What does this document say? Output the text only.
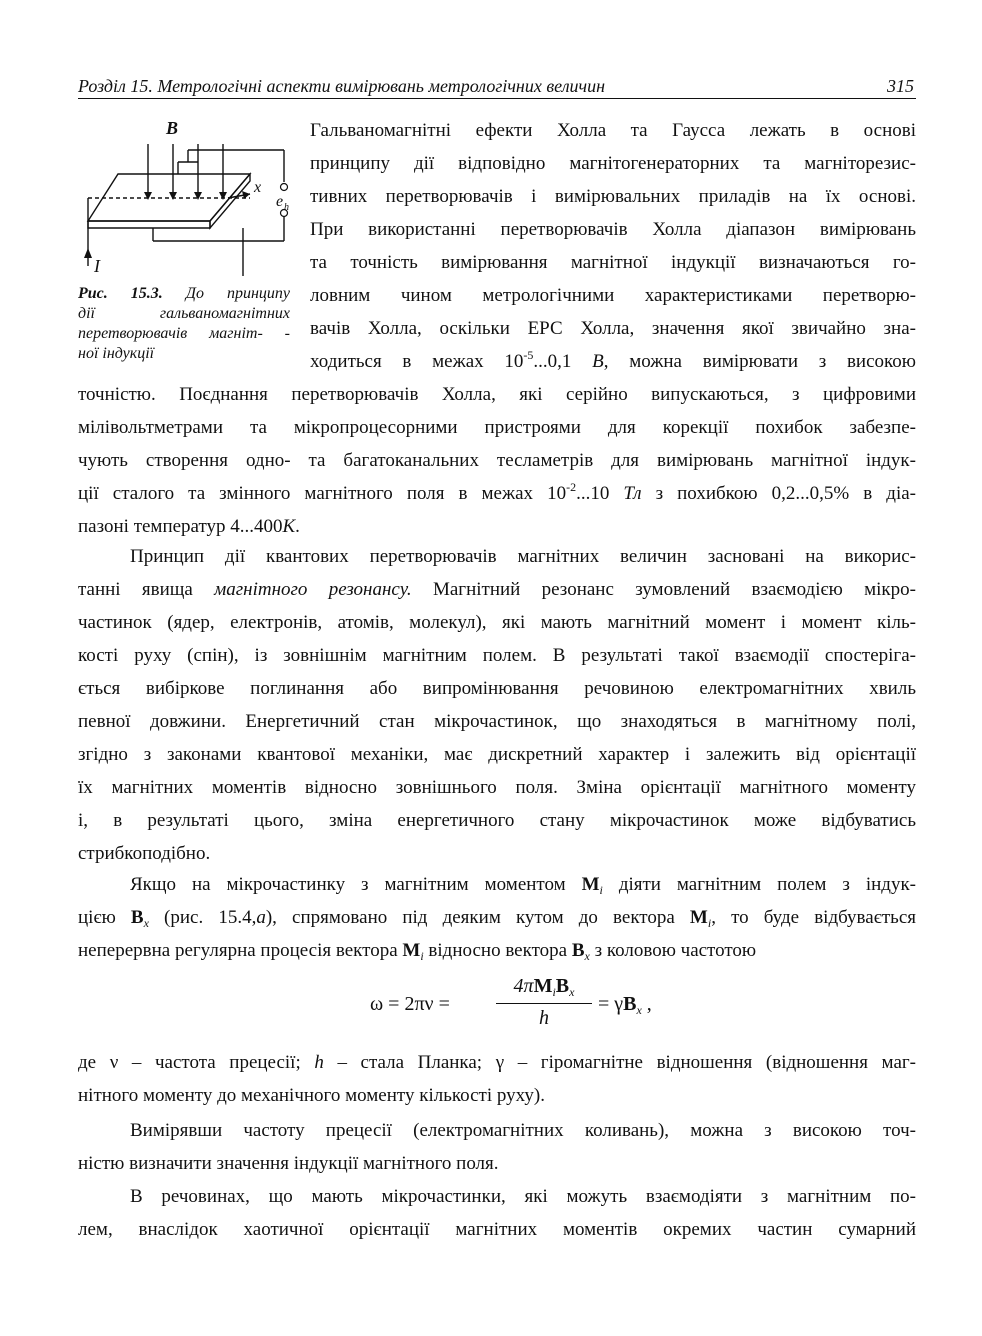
Розділ 15. Метрологічні аспекти вимірювань метрологічних величин	315
B
x
e h
I
Рис. 15.3. До принципу
дії гальваномагнітних
перетворювачів магніт- -
ної індукції
Гальваномагнітні ефекти Холла та Гаусса лежать в основі
принципу дії відповідно магнітогенераторних та магніторезис-
тивних перетворювачів і вимірювальних приладів на їх основі.
При використанні перетворювачів Холла діапазон вимірювань
та точність вимірювання магнітної індукції визначаються го-
ловним чином метрологічними характеристиками перетворю-
вачів Холла, оскільки ЕРС Холла, значення якої звичайно зна-
ходиться в межах $10^{-5}...0,1$ B, можна вимірювати з високою
точністю. Поєднання перетворювачів Холла, які серійно випускаються, з цифровими
мілівольтметрами та мікропроцесорними пристроями для корекції похибок забезпе-
чують створення одно- та багатоканальних тесламетрів для вимірювань магнітної індук-
ції сталого та змінного магнітного поля в межах $10^{-2}...10$ Тл з похибкою 0,2...0,5% в діа-
пазоні температур 4...400К.
Принцип дії квантових перетворювачів магнітних величин засновані на викорис-
танні явища магнітного резонансу. Магнітний резонанс зумовлений взаємодією мікро-
частинок (ядер, електронів, атомів, молекул), які мають магнітний момент і момент кіль-
кості руху (спін), із зовнішнім магнітним полем. В результаті такої взаємодії спостеріга-
ється вибіркове поглинання або випромінювання речовиною електромагнітних хвиль
певної довжини. Енергетичний стан мікрочастинок, що знаходяться в магнітному полі,
згідно з законами квантової механіки, має дискретний характер і залежить від орієнтації
їх магнітних моментів відносно зовнішнього поля. Зміна орієнтації магнітного моменту
і, в результаті цього, зміна енергетичного стану мікрочастинок може відбуватись
стрибкоподібно.
Якщо на мікрочастинку з магнітним моментом $M_i$ діяти магнітним полем з індук-
цією $B_x$ (рис. 15.4,а), спрямовано під деяким кутом до вектора $M_i$, то буде відбувається
неперервна регулярна процесія вектора $M_i$ відносно вектора $B_x$ з коловою частотою
ω = 2πν =
$4\pi M_iB_x$
h
= $\gamma B_x$ ,
де ν – частота прецесії; h – стала Планка; γ – гіромагнітне відношення (відношення маг-
нітного моменту до механічного моменту кількості руху).
Вимірявши частоту прецесії (електромагнітних коливань), можна з високою точ-
ністю визначити значення індукції магнітного поля.
В речовинах, що мають мікрочастинки, які можуть взаємодіяти з магнітним по-
лем, внаслідок хаотичної орієнтації магнітних моментів окремих частин сумарний
